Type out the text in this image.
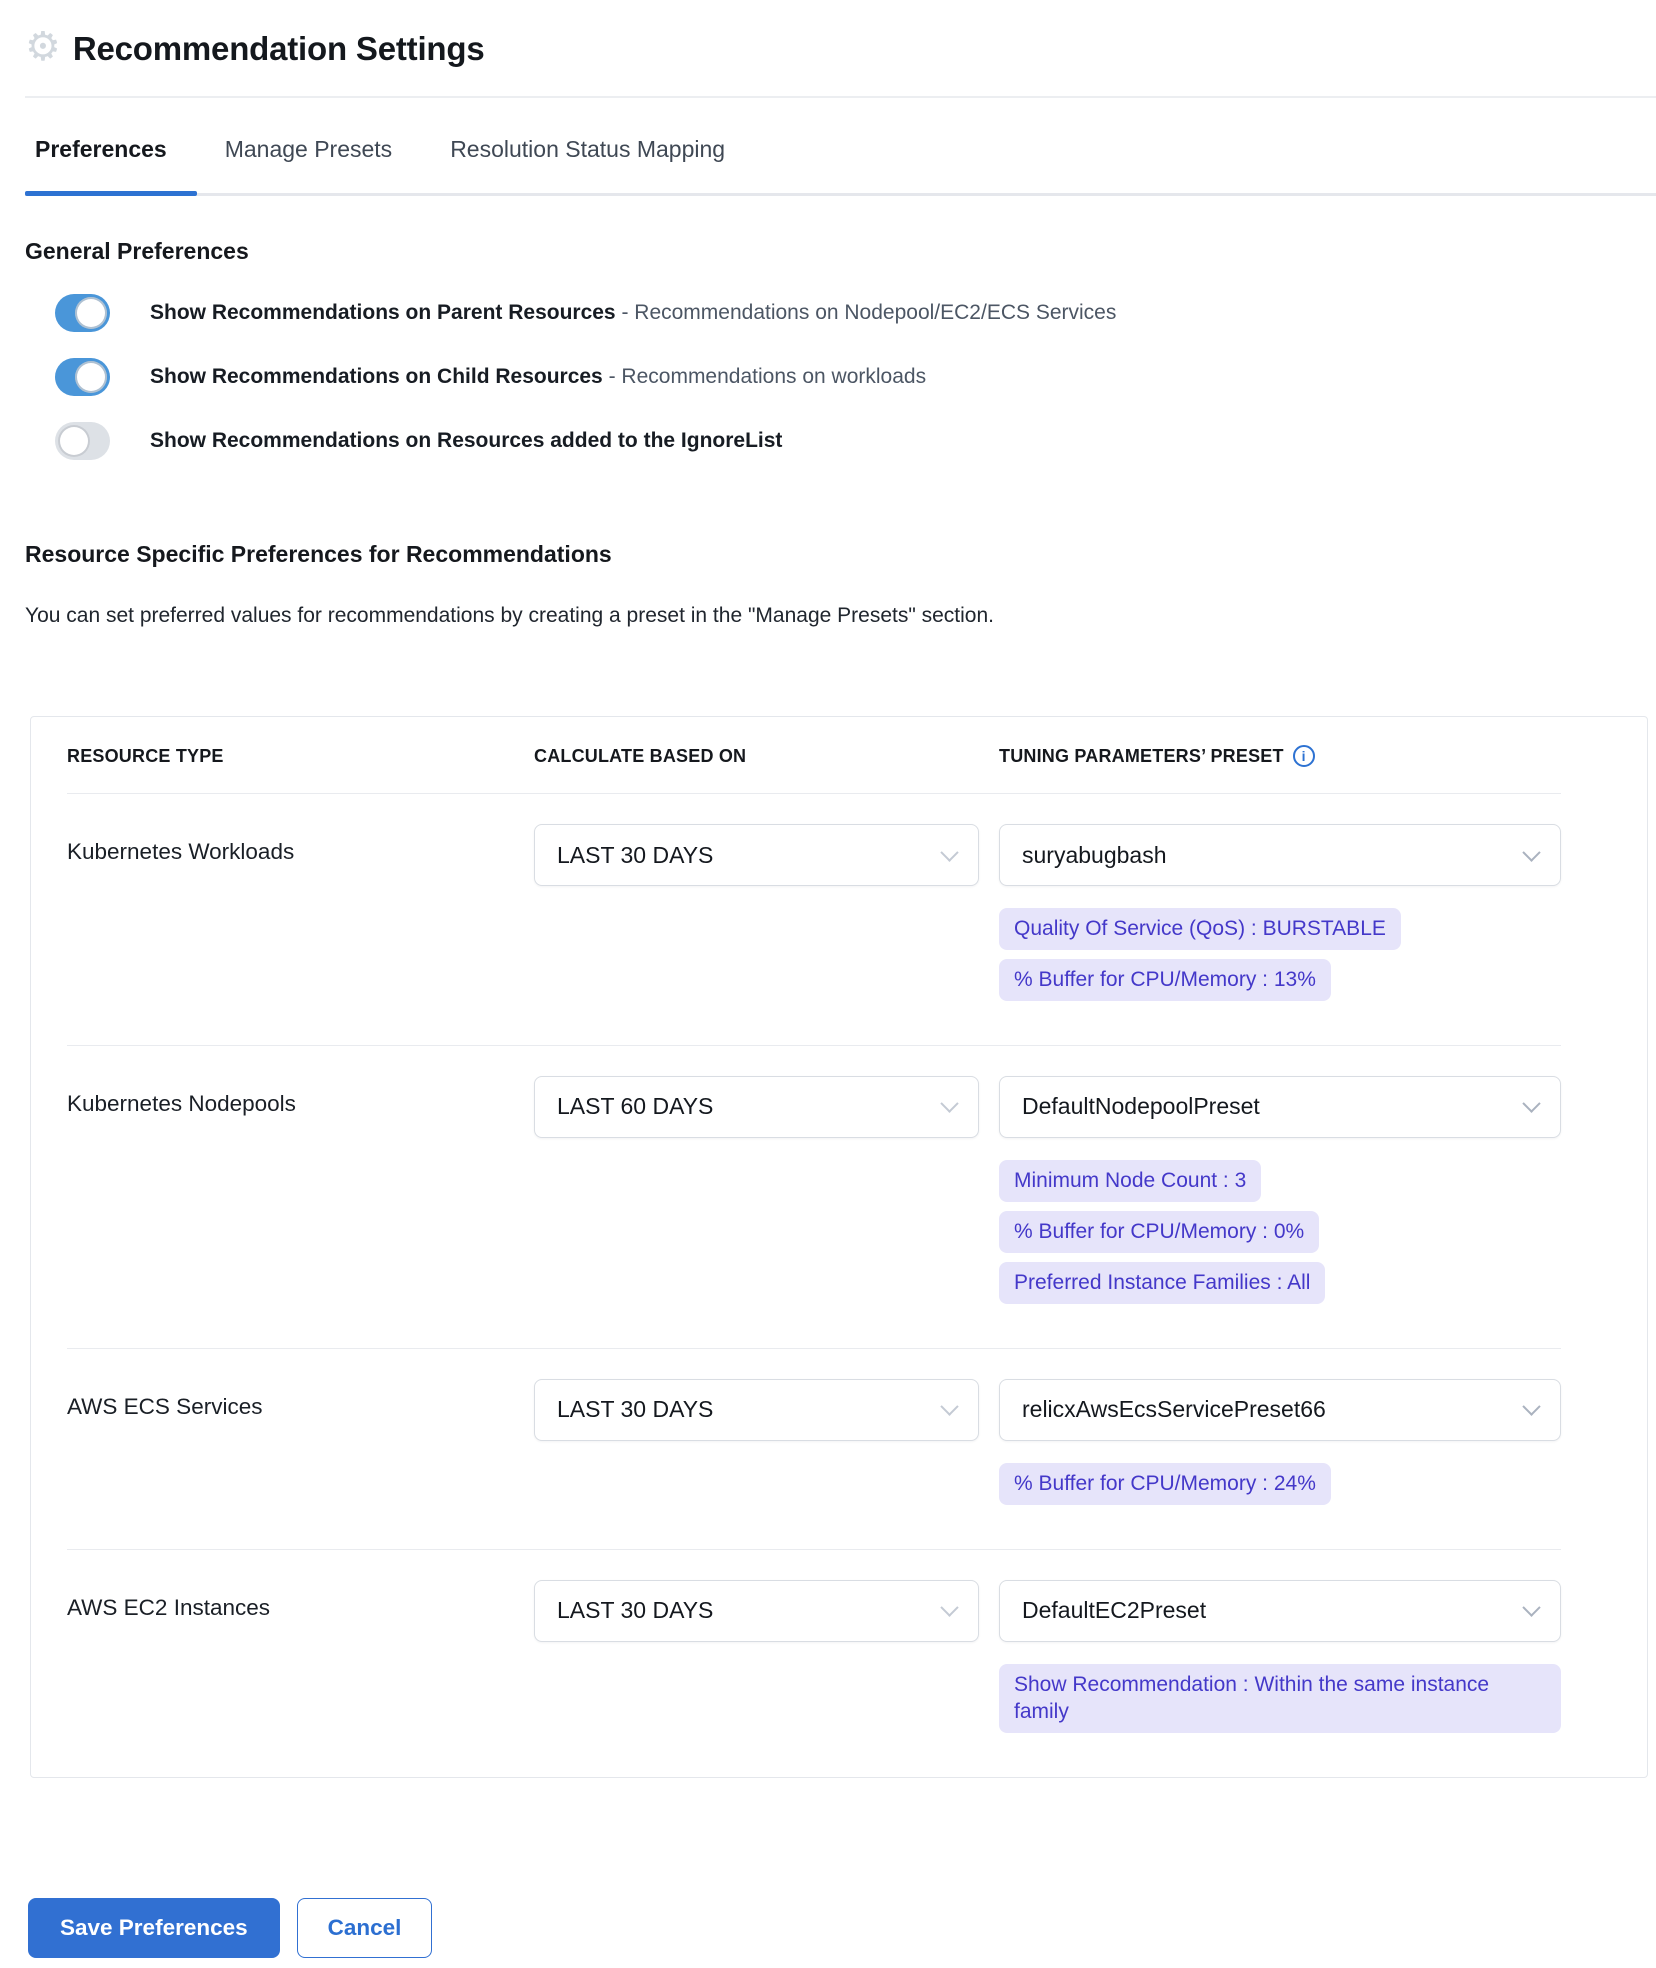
⚙ Recommendation Settings
Preferences	Manage Presets	Resolution Status Mapping
General Preferences
Show Recommendations on Parent Resources - Recommendations on Nodepool/EC2/ECS Services
Show Recommendations on Child Resources - Recommendations on workloads
Show Recommendations on Resources added to the IgnoreList
Resource Specific Preferences for Recommendations
You can set preferred values for recommendations by creating a preset in the "Manage Presets" section.
RESOURCE TYPE	CALCULATE BASED ON	TUNING PARAMETERS’ PRESET	i
Kubernetes Workloads	LAST 30 DAYS	suryabugbash
Quality Of Service (QoS) : BURSTABLE
% Buffer for CPU/Memory : 13%
Kubernetes Nodepools	LAST 60 DAYS	DefaultNodepoolPreset
Minimum Node Count : 3
% Buffer for CPU/Memory : 0%
Preferred Instance Families : All
AWS ECS Services	LAST 30 DAYS	relicxAwsEcsServicePreset66
% Buffer for CPU/Memory : 24%
AWS EC2 Instances	LAST 30 DAYS	DefaultEC2Preset
Show Recommendation : Within the same instance family
Save Preferences	Cancel
